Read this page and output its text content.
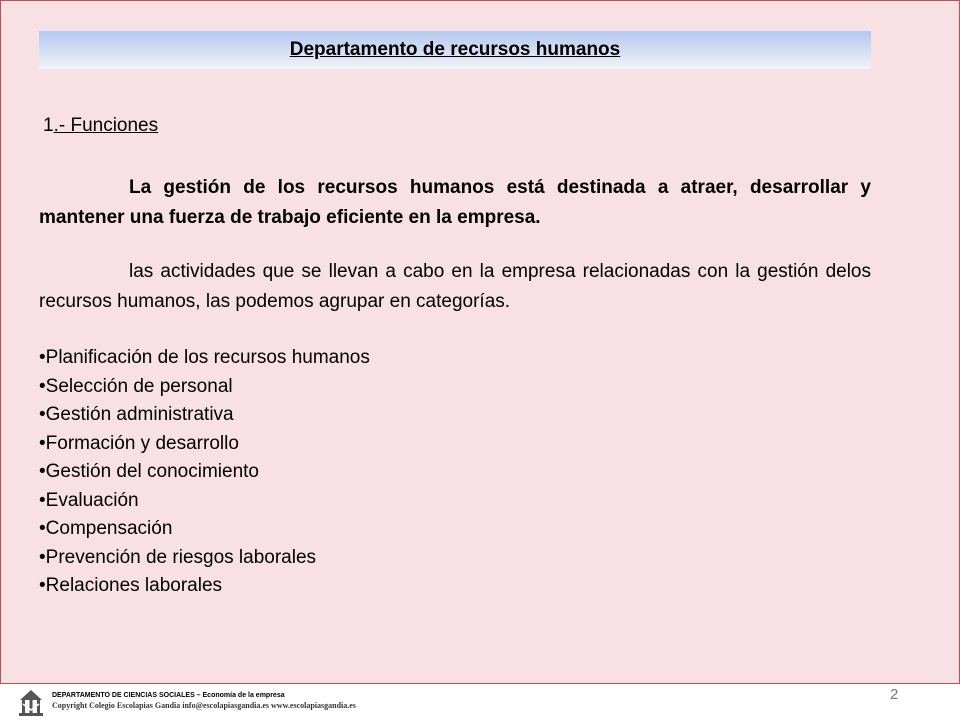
Departamento de recursos humanos
1.- Funciones

La gestión de los recursos humanos está destinada a atraer, desarrollar y mantener una fuerza de trabajo eficiente en la empresa.

las actividades que se llevan a cabo en la empresa relacionadas con la gestión delos recursos humanos, las podemos agrupar en categorías.

•Planificación de los recursos humanos
•Selección de personal
•Gestión administrativa
•Formación y desarrollo
•Gestión del conocimiento
•Evaluación
•Compensación
•Prevención de riesgos laborales
•Relaciones laborales
DEPARTAMENTO DE CIENCIAS SOCIALES – Economía de la empresa
Copyright Colegio Escolapias Gandia info@escolapiasgandia.es www.escolapiasgandia.es
2
